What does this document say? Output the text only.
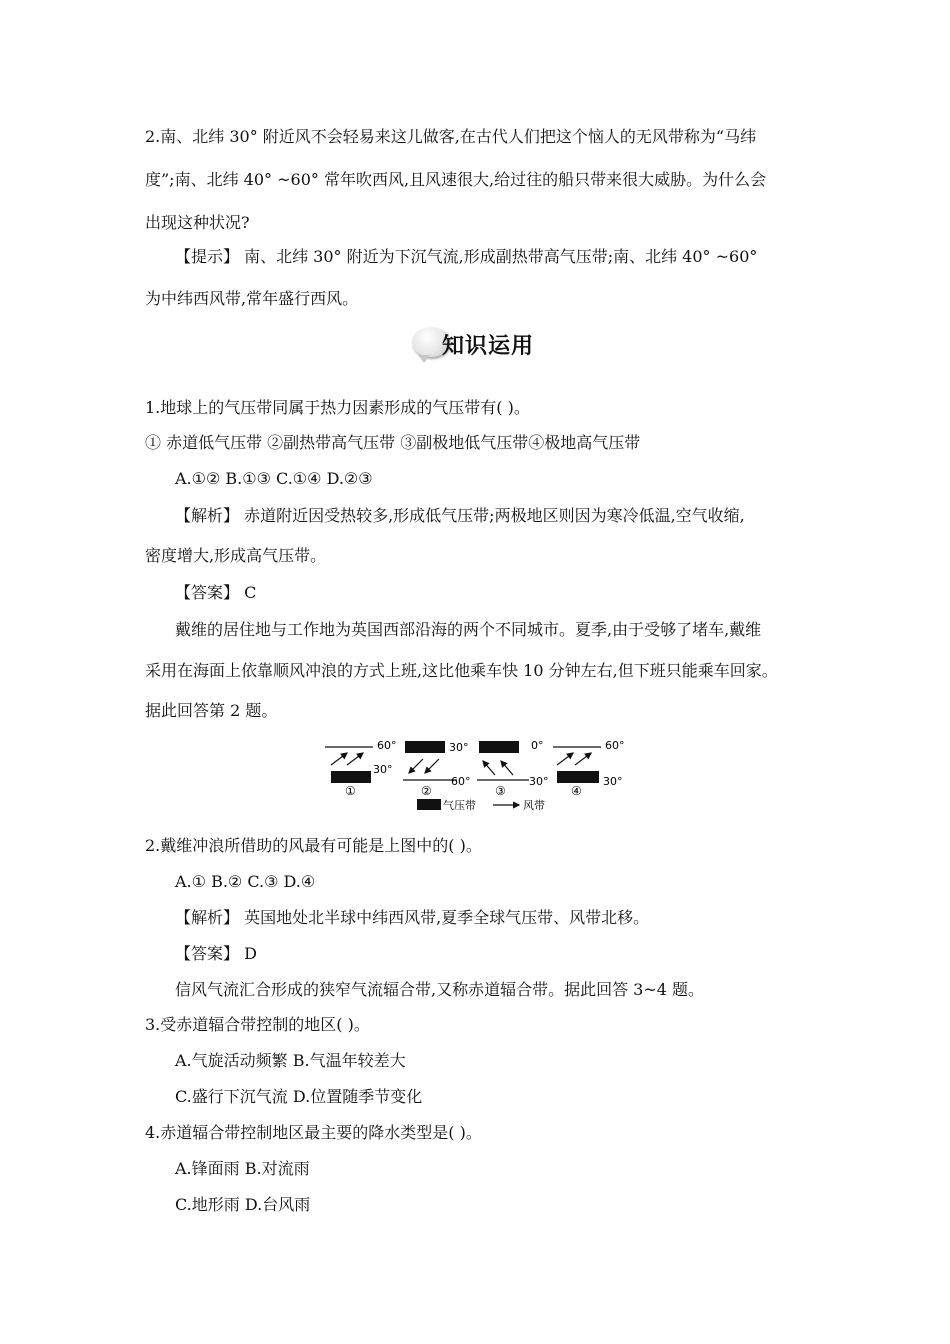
2.南、北纬 30° 附近风不会轻易来这儿做客,在古代人们把这个恼人的无风带称为“马纬
度”;南、北纬 40° ~60° 常年吹西风,且风速很大,给过往的船只带来很大威胁。为什么会
出现这种状况?
【提示】 南、北纬 30° 附近为下沉气流,形成副热带高气压带;南、北纬 40° ~60°
为中纬西风带,常年盛行西风。
知识运用
1.地球上的气压带同属于热力因素形成的气压带有( )。
① 赤道低气压带 ②副热带高气压带 ③副极地低气压带④极地高气压带
A.①② B.①③ C.①④ D.②③
【解析】 赤道附近因受热较多,形成低气压带;两极地区则因为寒冷低温,空气收缩,
密度增大,形成高气压带。
【答案】 C
戴维的居住地与工作地为英国西部沿海的两个不同城市。夏季,由于受够了堵车,戴维
采用在海面上依靠顺风冲浪的方式上班,这比他乘车快 10 分钟左右,但下班只能乘车回家。
据此回答第 2 题。
60°
30°
①
30°
60°
②
0°
30°
③
60°
30°
④
气压带	风带
2.戴维冲浪所借助的风最有可能是上图中的( )。
A.① B.② C.③ D.④
【解析】 英国地处北半球中纬西风带,夏季全球气压带、风带北移。
【答案】 D
信风气流汇合形成的狭窄气流辐合带,又称赤道辐合带。据此回答 3~4 题。
3.受赤道辐合带控制的地区( )。
A.气旋活动频繁 B.气温年较差大
C.盛行下沉气流 D.位置随季节变化
4.赤道辐合带控制地区最主要的降水类型是( )。
A.锋面雨 B.对流雨
C.地形雨 D.台风雨
